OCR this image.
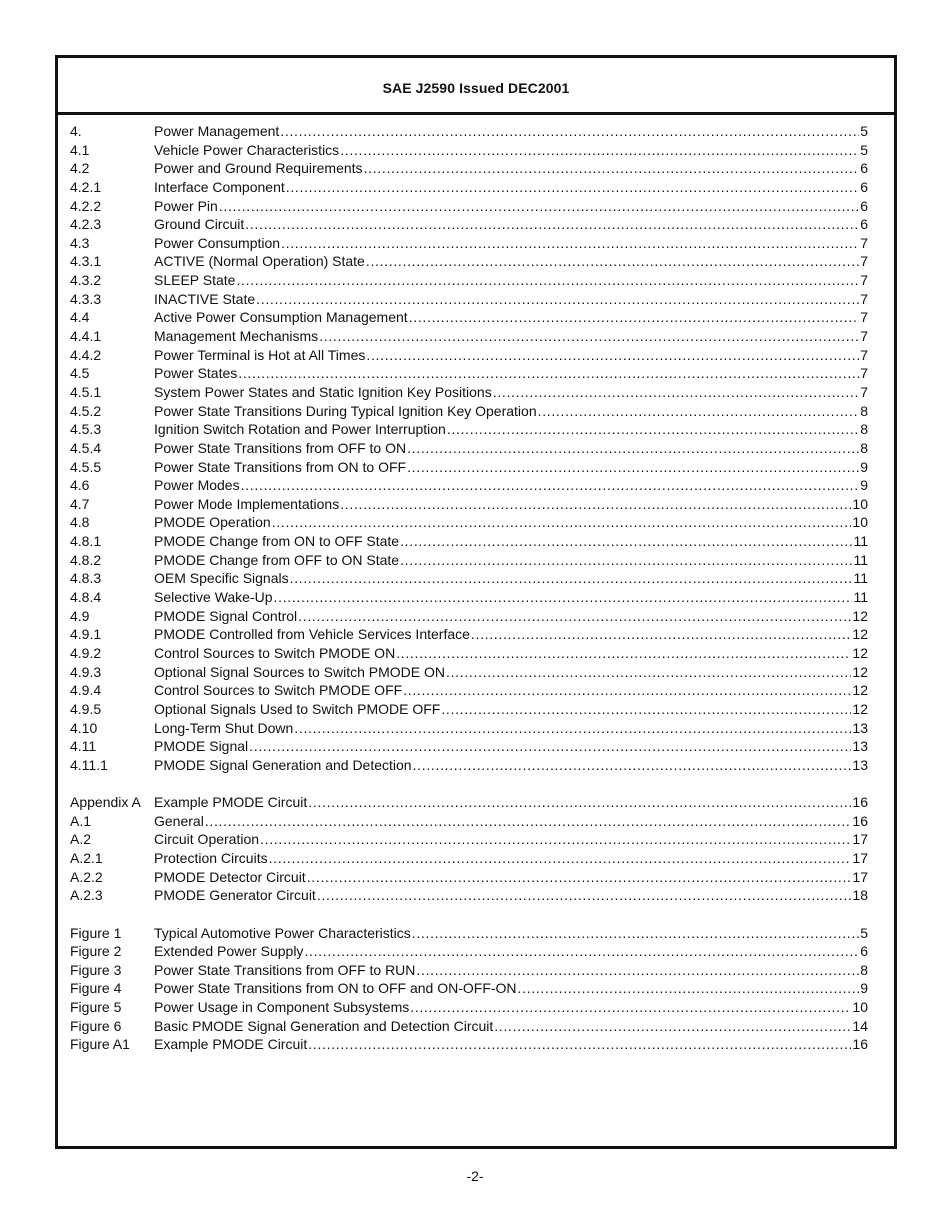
SAE J2590 Issued DEC2001
4.	Power Management . . .	5
4.1	Vehicle Power Characteristics . . .	5
4.2	Power and Ground Requirements . . .	6
4.2.1	Interface Component . . .	6
4.2.2	Power Pin . . .	6
4.2.3	Ground Circuit . . .	6
4.3	Power Consumption . . .	7
4.3.1	ACTIVE (Normal Operation) State . . .	7
4.3.2	SLEEP State . . .	7
4.3.3	INACTIVE State . . .	7
4.4	Active Power Consumption Management . . .	7
4.4.1	Management Mechanisms . . .	7
4.4.2	Power Terminal is Hot at All Times . . .	7
4.5	Power States . . .	7
4.5.1	System Power States and Static Ignition Key Positions . . .	7
4.5.2	Power State Transitions During Typical Ignition Key Operation . . .	8
4.5.3	Ignition Switch Rotation and Power Interruption . . .	8
4.5.4	Power State Transitions from OFF to ON . . .	8
4.5.5	Power State Transitions from ON to OFF . . .	9
4.6	Power Modes . . .	9
4.7	Power Mode Implementations . . .	10
4.8	PMODE Operation . . .	10
4.8.1	PMODE Change from ON to OFF State . . .	11
4.8.2	PMODE Change from OFF to ON State . . .	11
4.8.3	OEM Specific Signals . . .	11
4.8.4	Selective Wake-Up . . .	11
4.9	PMODE Signal Control . . .	12
4.9.1	PMODE Controlled from Vehicle Services Interface . . .	12
4.9.2	Control Sources to Switch PMODE ON . . .	12
4.9.3	Optional Signal Sources to Switch PMODE ON . . .	12
4.9.4	Control Sources to Switch PMODE OFF . . .	12
4.9.5	Optional Signals Used to Switch PMODE OFF . . .	12
4.10	Long-Term Shut Down . . .	13
4.11	PMODE Signal . . .	13
4.11.1	PMODE Signal Generation and Detection . . .	13
Appendix A Example PMODE Circuit . . .	16
A.1	General . . .	16
A.2	Circuit Operation . . .	17
A.2.1	Protection Circuits . . .	17
A.2.2	PMODE Detector Circuit . . .	17
A.2.3	PMODE Generator Circuit . . .	18
Figure 1	Typical Automotive Power Characteristics . . .	5
Figure 2	Extended Power Supply . . .	6
Figure 3	Power State Transitions from OFF to RUN . . .	8
Figure 4	Power State Transitions from ON to OFF and ON-OFF-ON . . .	9
Figure 5	Power Usage in Component Subsystems . . .	10
Figure 6	Basic PMODE Signal Generation and Detection Circuit . . .	14
Figure A1	Example PMODE Circuit . . .	16
-2-
